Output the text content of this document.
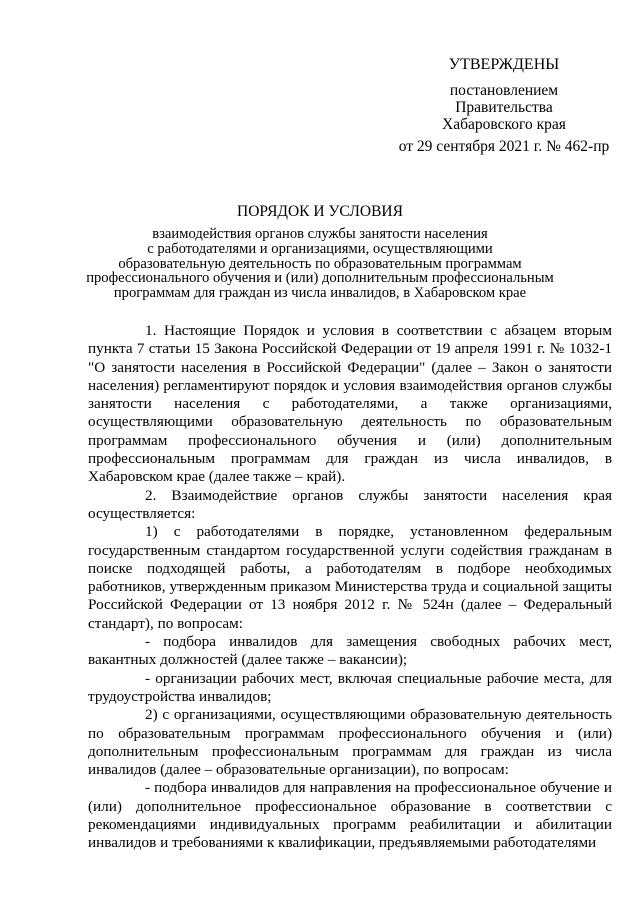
УТВЕРЖДЕНЫ
постановлением
Правительства
Хабаровского края
от 29 сентября 2021 г. № 462-пр
ПОРЯДОК И УСЛОВИЯ
взаимодействия органов службы занятости населения
с работодателями и организациями, осуществляющими
образовательную деятельность по образовательным программам
профессионального обучения и (или) дополнительным профессиональным
программам для граждан из числа инвалидов, в Хабаровском крае

1. Настоящие Порядок и условия в соответствии с абзацем вторым пункта 7 статьи 15 Закона Российской Федерации от 19 апреля 1991 г. № 1032-1 "О занятости населения в Российской Федерации" (далее – Закон о занятости населения) регламентируют порядок и условия взаимодействия органов службы занятости населения с работодателями, а также организациями, осуществляющими образовательную деятельность по образовательным программам профессионального обучения и (или) дополнительным профессиональным программам для граждан из числа инвалидов, в Хабаровском крае (далее также – край).

2. Взаимодействие органов службы занятости населения края осуществляется:

1) с работодателями в порядке, установленном федеральным государственным стандартом государственной услуги содействия гражданам в поиске подходящей работы, а работодателям в подборе необходимых работников, утвержденным приказом Министерства труда и социальной защиты Российской Федерации от 13 ноября 2012 г. № 524н (далее – Федеральный стандарт), по вопросам:

- подбора инвалидов для замещения свободных рабочих мест, вакантных должностей (далее также – вакансии);

- организации рабочих мест, включая специальные рабочие места, для трудоустройства инвалидов;

2) с организациями, осуществляющими образовательную деятельность по образовательным программам профессионального обучения и (или) дополнительным профессиональным программам для граждан из числа инвалидов (далее – образовательные организации), по вопросам:

- подбора инвалидов для направления на профессиональное обучение и (или) дополнительное профессиональное образование в соответствии с рекомендациями индивидуальных программ реабилитации и абилитации инвалидов и требованиями к квалификации, предъявляемыми работодателями
